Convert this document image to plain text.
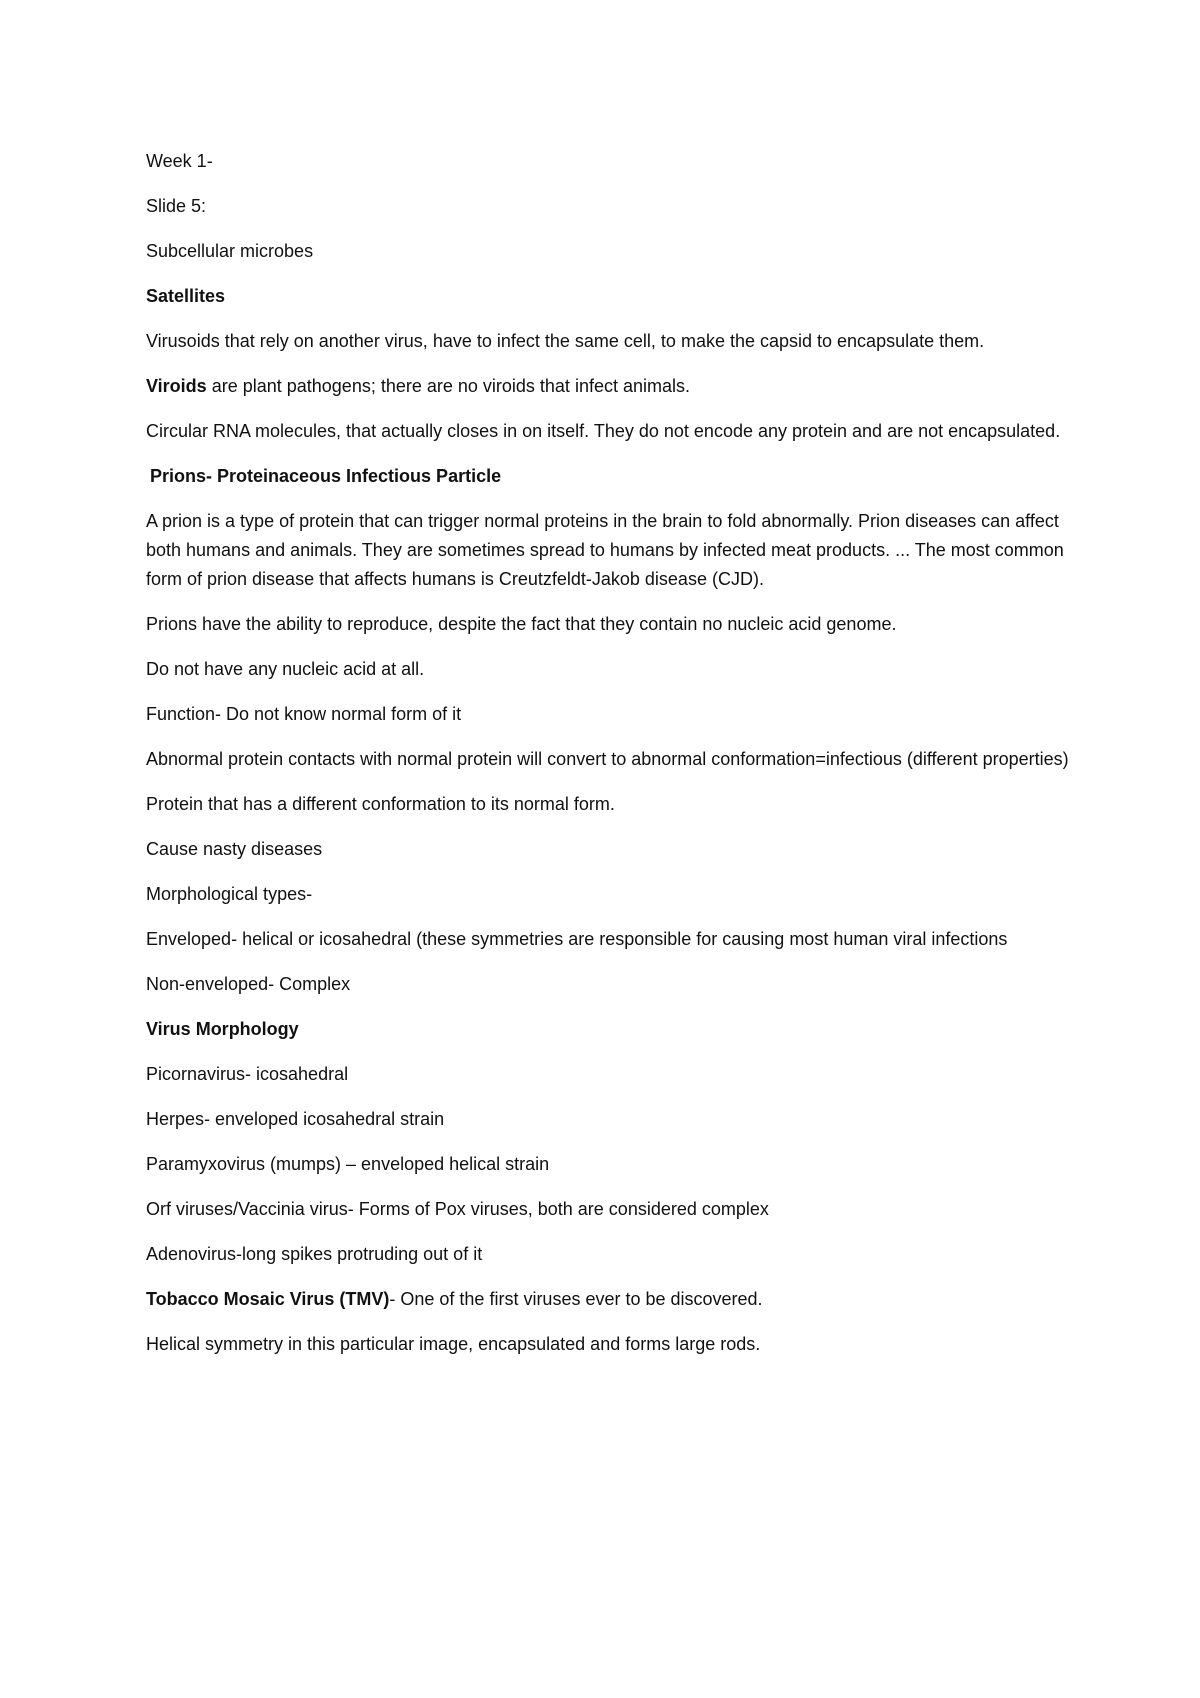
Week 1-

Slide 5:

Subcellular microbes

Satellites

Virusoids that rely on another virus, have to infect the same cell, to make the capsid to encapsulate them.

Viroids are plant pathogens; there are no viroids that infect animals.

Circular RNA molecules, that actually closes in on itself. They do not encode any protein and are not encapsulated.

Prions- Proteinaceous Infectious Particle

A prion is a type of protein that can trigger normal proteins in the brain to fold abnormally. Prion diseases can affect both humans and animals. They are sometimes spread to humans by infected meat products. ... The most common form of prion disease that affects humans is Creutzfeldt-Jakob disease (CJD).

Prions have the ability to reproduce, despite the fact that they contain no nucleic acid genome.

Do not have any nucleic acid at all.

Function- Do not know normal form of it

Abnormal protein contacts with normal protein will convert to abnormal conformation=infectious (different properties)

Protein that has a different conformation to its normal form.

Cause nasty diseases

Morphological types-

Enveloped- helical or icosahedral (these symmetries are responsible for causing most human viral infections

Non-enveloped- Complex

Virus Morphology

Picornavirus- icosahedral

Herpes- enveloped icosahedral strain

Paramyxovirus (mumps) – enveloped helical strain

Orf viruses/Vaccinia virus- Forms of Pox viruses, both are considered complex

Adenovirus-long spikes protruding out of it

Tobacco Mosaic Virus (TMV)- One of the first viruses ever to be discovered.

Helical symmetry in this particular image, encapsulated and forms large rods.
